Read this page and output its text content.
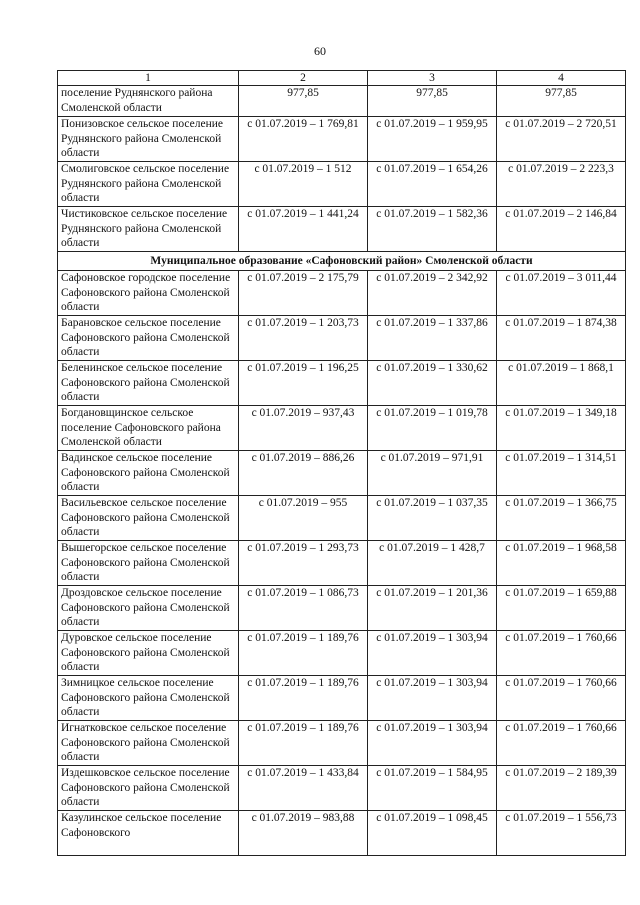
60
1	2	3	4
поселение Руднянского района Смоленской области	977,85	977,85	977,85
Понизовское сельское поселение Руднянского района Смоленской области	с 01.07.2019 – 1 769,81	с 01.07.2019 – 1 959,95	с 01.07.2019 – 2 720,51
Смолиговское сельское поселение Руднянского района Смоленской области	с 01.07.2019 – 1 512	с 01.07.2019 – 1 654,26	с 01.07.2019 – 2 223,3
Чистиковское сельское поселение Руднянского района Смоленской области	с 01.07.2019 – 1 441,24	с 01.07.2019 – 1 582,36	с 01.07.2019 – 2 146,84
Муниципальное образование «Сафоновский район» Смоленской области			
Сафоновское городское поселение Сафоновского района Смоленской области	с 01.07.2019 – 2 175,79	с 01.07.2019 – 2 342,92	с 01.07.2019 – 3 011,44
Барановское сельское поселение Сафоновского района Смоленской области	с 01.07.2019 – 1 203,73	с 01.07.2019 – 1 337,86	с 01.07.2019 – 1 874,38
Беленинское сельское поселение Сафоновского района Смоленской области	с 01.07.2019 – 1 196,25	с 01.07.2019 – 1 330,62	с 01.07.2019 – 1 868,1
Богдановщинское сельское поселение Сафоновского района Смоленской области	с 01.07.2019 – 937,43	с 01.07.2019 – 1 019,78	с 01.07.2019 – 1 349,18
Вадинское сельское поселение Сафоновского района Смоленской области	с 01.07.2019 – 886,26	с 01.07.2019 – 971,91	с 01.07.2019 – 1 314,51
Васильевское сельское поселение Сафоновского района Смоленской области	с 01.07.2019 – 955	с 01.07.2019 – 1 037,35	с 01.07.2019 – 1 366,75
Вышегорское сельское поселение Сафоновского района Смоленской области	с 01.07.2019 – 1 293,73	с 01.07.2019 – 1 428,7	с 01.07.2019 – 1 968,58
Дроздовское сельское поселение Сафоновского района Смоленской области	с 01.07.2019 – 1 086,73	с 01.07.2019 – 1 201,36	с 01.07.2019 – 1 659,88
Дуровское сельское поселение Сафоновского района Смоленской области	с 01.07.2019 – 1 189,76	с 01.07.2019 – 1 303,94	с 01.07.2019 – 1 760,66
Зимницкое сельское поселение Сафоновского района Смоленской области	с 01.07.2019 – 1 189,76	с 01.07.2019 – 1 303,94	с 01.07.2019 – 1 760,66
Игнатковское сельское поселение Сафоновского района Смоленской области	с 01.07.2019 – 1 189,76	с 01.07.2019 – 1 303,94	с 01.07.2019 – 1 760,66
Издешковское сельское поселение Сафоновского района Смоленской области	с 01.07.2019 – 1 433,84	с 01.07.2019 – 1 584,95	с 01.07.2019 – 2 189,39
Казулинское сельское поселение Сафоновского	с 01.07.2019 – 983,88	с 01.07.2019 – 1 098,45	с 01.07.2019 – 1 556,73
